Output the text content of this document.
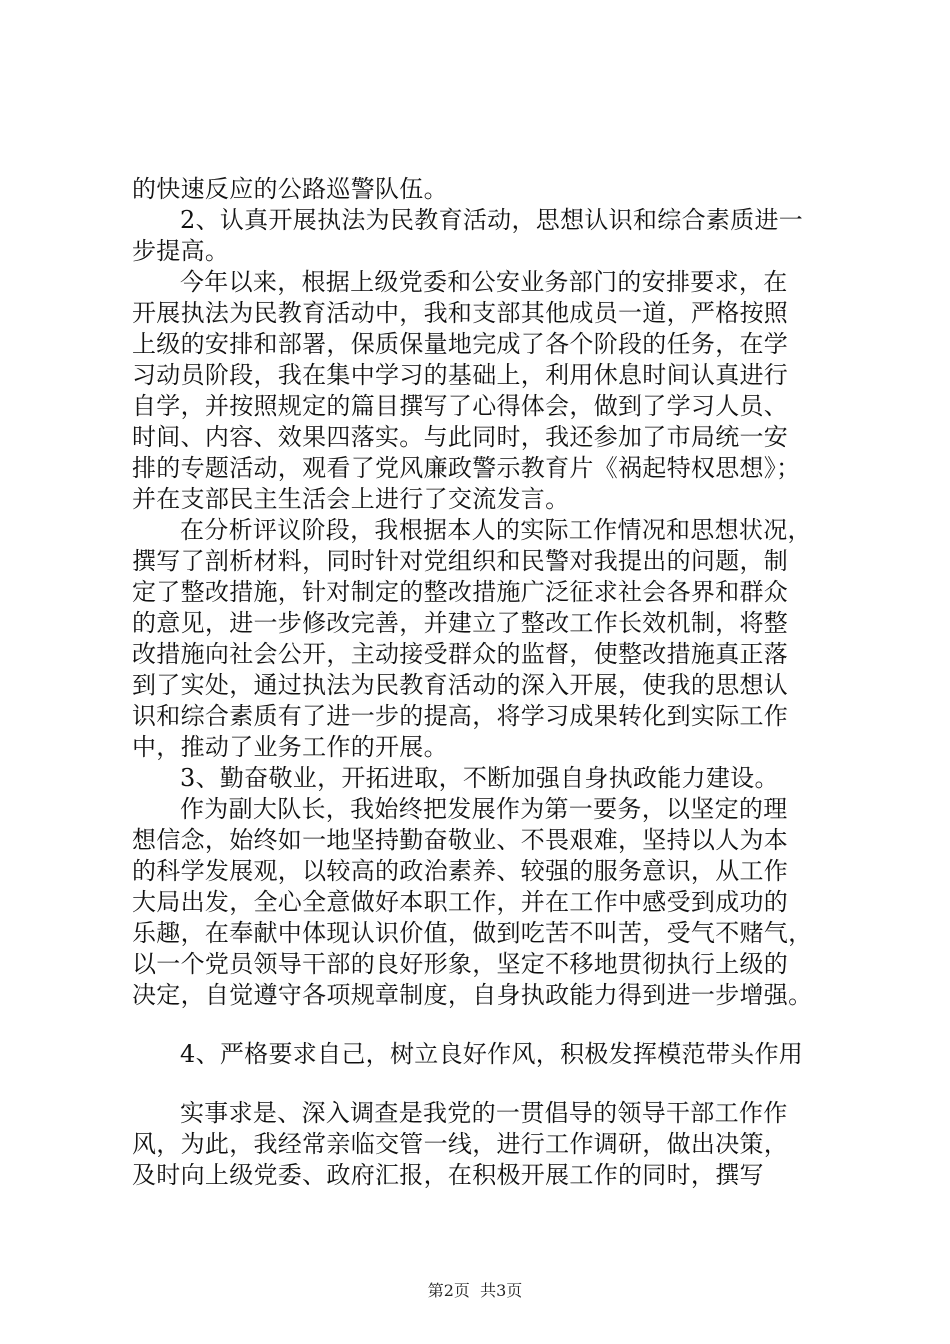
的快速反应的公路巡警队伍。
2、认真开展执法为民教育活动，思想认识和综合素质进一
步提高。
今年以来，根据上级党委和公安业务部门的安排要求，在
开展执法为民教育活动中，我和支部其他成员一道，严格按照
上级的安排和部署，保质保量地完成了各个阶段的任务，在学
习动员阶段，我在集中学习的基础上，利用休息时间认真进行
自学，并按照规定的篇目撰写了心得体会，做到了学习人员、
时间、内容、效果四落实。与此同时，我还参加了市局统一安
排的专题活动，观看了党风廉政警示教育片《祸起特权思想》；
并在支部民主生活会上进行了交流发言。
在分析评议阶段，我根据本人的实际工作情况和思想状况，
撰写了剖析材料，同时针对党组织和民警对我提出的问题，制
定了整改措施，针对制定的整改措施广泛征求社会各界和群众
的意见，进一步修改完善，并建立了整改工作长效机制，将整
改措施向社会公开，主动接受群众的监督，使整改措施真正落
到了实处，通过执法为民教育活动的深入开展，使我的思想认
识和综合素质有了进一步的提高，将学习成果转化到实际工作
中，推动了业务工作的开展。
3、勤奋敬业，开拓进取，不断加强自身执政能力建设。
作为副大队长，我始终把发展作为第一要务，以坚定的理
想信念，始终如一地坚持勤奋敬业、不畏艰难，坚持以人为本
的科学发展观，以较高的政治素养、较强的服务意识，从工作
大局出发，全心全意做好本职工作，并在工作中感受到成功的
乐趣，在奉献中体现认识价值，做到吃苦不叫苦，受气不赌气，
以一个党员领导干部的良好形象，坚定不移地贯彻执行上级的
决定，自觉遵守各项规章制度，自身执政能力得到进一步增强。
4、严格要求自己，树立良好作风，积极发挥模范带头作用
实事求是、深入调查是我党的一贯倡导的领导干部工作作
风，为此，我经常亲临交管一线，进行工作调研，做出决策，
及时向上级党委、政府汇报，在积极开展工作的同时，撰写
第2页  共3页
